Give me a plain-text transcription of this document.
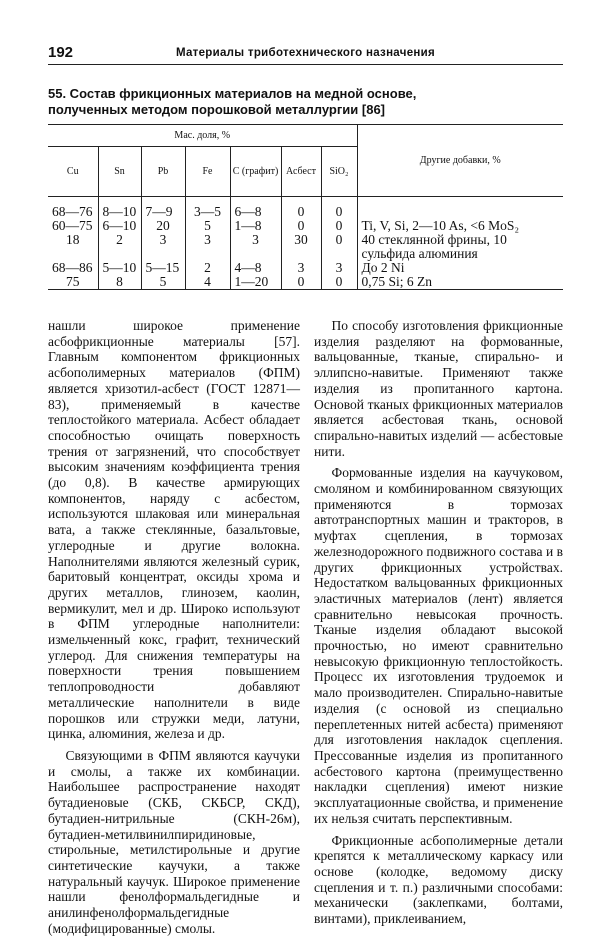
192	Материалы триботехнического назначения
55. Состав фрикционных материалов на медной основе,
полученных методом порошковой металлургии [86]
Мас. доля, %							Другие добавки, %
Cu	Sn	Pb	Fe	C (графит)	Асбест	SiO₂	

68—76	8—10	7—9	3—5	6—8	0	0	
60—75	6—10	20	5	1—8	0	0	Ti, V, Si, 2—10 As, <6 MoS₂
18	2	3	3	3	30	0	40 стеклянной фрины, 10 сульфида алюминия
68—86	5—10	5—15	2	4—8	3	3	До 2 Ni
75	8	5	4	1—20	0	0	0,75 Si; 6 Zn

нашли широкое применение асбофрикционные материалы [57]. Главным компонентом фрикционных асбополимерных материалов (ФПМ) является хризотил-асбест (ГОСТ 12871—83), применяемый в качестве теплостойкого материала. Асбест обладает способностью очищать поверхность трения от загрязнений, что способствует высоким значениям коэффициента трения (до 0,8). В качестве армирующих компонентов, наряду с асбестом, используются шлаковая или минеральная вата, а также стеклянные, базальтовые, углеродные и другие волокна. Наполнителями являются железный сурик, баритовый концентрат, оксиды хрома и других металлов, глинозем, каолин, вермикулит, мел и др. Широко используют в ФПМ углеродные наполнители: измельченный кокс, графит, технический углерод. Для снижения температуры на поверхности трения повышением теплопроводности добавляют металлические наполнители в виде порошков или стружки меди, латуни, цинка, алюминия, железа и др.

Связующими в ФПМ являются каучуки и смолы, а также их комбинации. Наибольшее распространение находят бутадиеновые (СКБ, СКБСР, СКД), бутадиен-нитрильные (СКН-26м), бутадиен-метилвинилпиридиновые, стирольные, метилстирольные и другие синтетические каучуки, а также натуральный каучук. Широкое применение нашли фенолформальдегидные и анилинфенолформальдегидные (модифицированные) смолы.

По способу изготовления фрикционные изделия разделяют на формованные, вальцованные, тканые, спирально- и эллипсно-навитые. Применяют также изделия из пропитанного картона. Основой тканых фрикционных материалов является асбестовая ткань, основой спирально-навитых изделий — асбестовые нити.

Формованные изделия на каучуковом, смоляном и комбинированном связующих применяются в тормозах автотранспортных машин и тракторов, в муфтах сцепления, в тормозах железнодорожного подвижного состава и в других фрикционных устройствах. Недостатком вальцованных фрикционных эластичных материалов (лент) является сравнительно невысокая прочность. Тканые изделия обладают высокой прочностью, но имеют сравнительно невысокую фрикционную теплостойкость. Процесс их изготовления трудоемок и мало производителен. Спирально-навитые изделия (с основой из специально переплетенных нитей асбеста) применяют для изготовления накладок сцепления. Прессованные изделия из пропитанного асбестового картона (преимущественно накладки сцепления) имеют низкие эксплуатационные свойства, и применение их нельзя считать перспективным.

Фрикционные асбополимерные детали крепятся к металлическому каркасу или основе (колодке, ведомому диску сцепления и т. п.) различными способами: механически (заклепками, болтами, винтами), приклеиванием,
